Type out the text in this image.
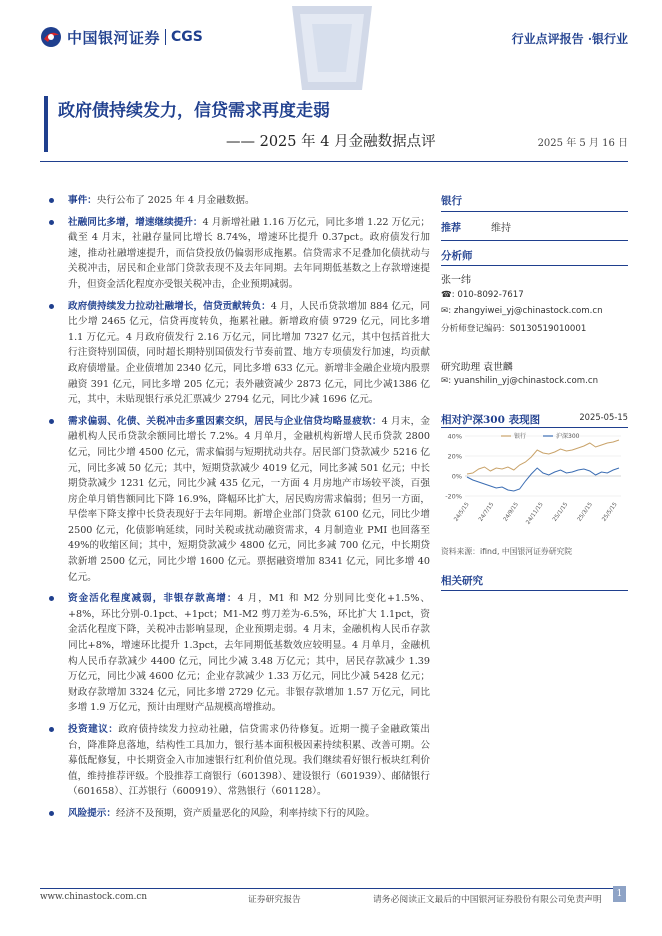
中国银河证券 CGS	行业点评报告 ·银行业
政府债持续发力，信贷需求再度走弱
—— 2025 年 4 月金融数据点评	2025 年 5 月 16 日
事件：央行公布了 2025 年 4 月金融数据。
社融同比多增，增速继续提升：4 月新增社融 1.16 万亿元，同比多增 1.22 万亿元；截至 4 月末，社融存量同比增长 8.74%，增速环比提升 0.37pct。政府债发行加速，推动社融增速提升，而信贷投放仍偏弱形成拖累。信贷需求不足叠加化债扰动与关税冲击，居民和企业部门贷款表现不及去年同期。去年同期低基数之上存款增速提升，但资金活化程度亦受银关税冲击，企业预期减弱。
政府债持续发力拉动社融增长，信贷贡献转负：4 月，人民币贷款增加 884 亿元，同比少增 2465 亿元，信贷再度转负，拖累社融。新增政府债 9729 亿元，同比多增 1.1 万亿元。4 月政府债发行 2.16 万亿元，同比增加 7327 亿元，其中包括首批大行注资特别国债，同时超长期特别国债发行节奏前置、地方专项债发行加速，均贡献政府债增量。企业债增加 2340 亿元，同比多增 633 亿元。新增非金融企业境内股票融资 391 亿元，同比多增 205 亿元；表外融资减少 2873 亿元，同比少减1386 亿元，其中，未贴现银行承兑汇票减少 2794 亿元，同比少减 1696 亿元。
需求偏弱、化债、关税冲击多重因素交织，居民与企业信贷均略显疲软：4 月末，金融机构人民币贷款余额同比增长 7.2%。4 月单月，金融机构新增人民币贷款 2800 亿元，同比少增 4500 亿元，需求偏弱与短期扰动共存。居民部门贷款减少 5216 亿元，同比多减 50 亿元；其中，短期贷款减少 4019 亿元，同比多减 501 亿元；中长期贷款减少 1231 亿元，同比少减 435 亿元，一方面 4 月房地产市场较平淡，百强房企单月销售额同比下降 16.9%，降幅环比扩大，居民购房需求偏弱；但另一方面，早偿率下降支撑中长贷表现好于去年同期。新增企业部门贷款 6100 亿元，同比少增 2500 亿元，化债影响延续，同时关税或扰动融资需求，4 月制造业 PMI 也回落至 49%的收缩区间；其中，短期贷款减少 4800 亿元，同比多减 700 亿元，中长期贷款新增 2500 亿元，同比少增 1600 亿元。票据融资增加 8341 亿元，同比多增 40 亿元。
资金活化程度减弱，非银存款高增：4 月，M1 和 M2 分别同比变化+1.5%、+8%，环比分别-0.1pct、+1pct；M1-M2 剪刀差为-6.5%，环比扩大 1.1pct，资金活化程度下降，关税冲击影响显现，企业预期走弱。4 月末，金融机构人民币存款同比+8%，增速环比提升 1.3pct，去年同期低基数效应较明显。4 月单月，金融机构人民币存款减少 4400 亿元，同比少减 3.48 万亿元；其中，居民存款减少 1.39 万亿元，同比少减 4600 亿元；企业存款减少 1.33 万亿元，同比少减 5428 亿元；财政存款增加 3324 亿元，同比多增 2729 亿元。非银存款增加 1.57 万亿元，同比多增 1.9 万亿元，预计由理财产品规模高增推动。
投资建议：政府债持续发力拉动社融，信贷需求仍待修复。近期一揽子金融政策出台，降准降息落地，结构性工具加力，银行基本面积极因素持续积累、改善可期。公募低配修复，中长期资金入市加速银行红利价值兑现。我们继续看好银行板块红利价值，维持推荐评级。个股推荐工商银行（601398）、建设银行（601939）、邮储银行（601658）、江苏银行（600919）、常熟银行（601128）。
风险提示：经济不及预期，资产质量恶化的风险，利率持续下行的风险。
银行
推荐	维持
分析师
张一纬
☎: 010-8092-7617
✉: zhangyiwei_yj@chinastock.com.cn
分析师登记编码：S0130519010001
研究助理 袁世麟
✉: yuanshilin_yj@chinastock.com.cn
相对沪深300 表现图	2025-05-15
40%
20%
0%
-20%
24/5/15 24/7/15 24/9/15 24/11/15 25/1/15 25/3/15 25/5/15
银行	沪深300
资料来源：ifind, 中国银河证券研究院
相关研究
www.chinastock.com.cn	证券研究报告	请务必阅读正文最后的中国银河证券股份有限公司免责声明
1
